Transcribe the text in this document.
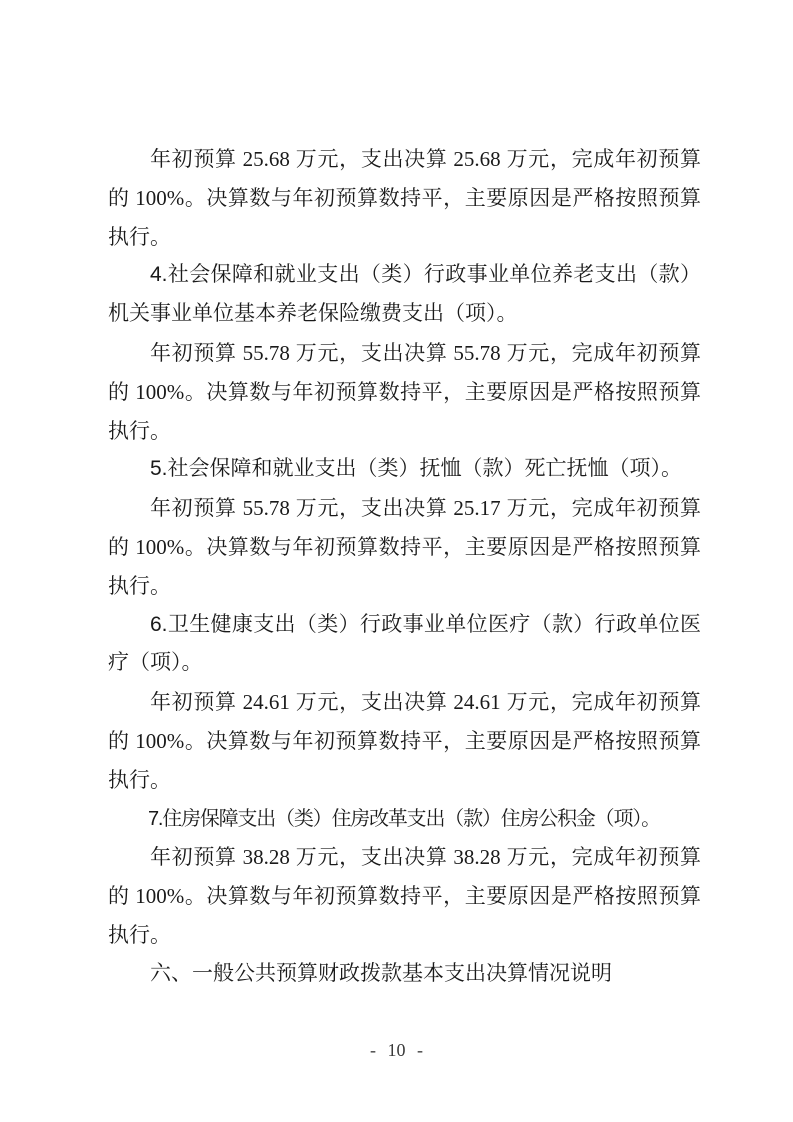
年初预算 25.68 万元，支出决算 25.68 万元，完成年初预算的 100%。决算数与年初预算数持平，主要原因是严格按照预算执行。

4.社会保障和就业支出（类）行政事业单位养老支出（款）机关事业单位基本养老保险缴费支出（项）。

年初预算 55.78 万元，支出决算 55.78 万元，完成年初预算的 100%。决算数与年初预算数持平，主要原因是严格按照预算执行。

5.社会保障和就业支出（类）抚恤（款）死亡抚恤（项）。

年初预算 55.78 万元，支出决算 25.17 万元，完成年初预算的 100%。决算数与年初预算数持平，主要原因是严格按照预算执行。

6.卫生健康支出（类）行政事业单位医疗（款）行政单位医疗（项）。

年初预算 24.61 万元，支出决算 24.61 万元，完成年初预算的 100%。决算数与年初预算数持平，主要原因是严格按照预算执行。

7.住房保障支出（类）住房改革支出（款）住房公积金（项）。

年初预算 38.28 万元，支出决算 38.28 万元，完成年初预算的 100%。决算数与年初预算数持平，主要原因是严格按照预算执行。

六、一般公共预算财政拨款基本支出决算情况说明
- 10 -
